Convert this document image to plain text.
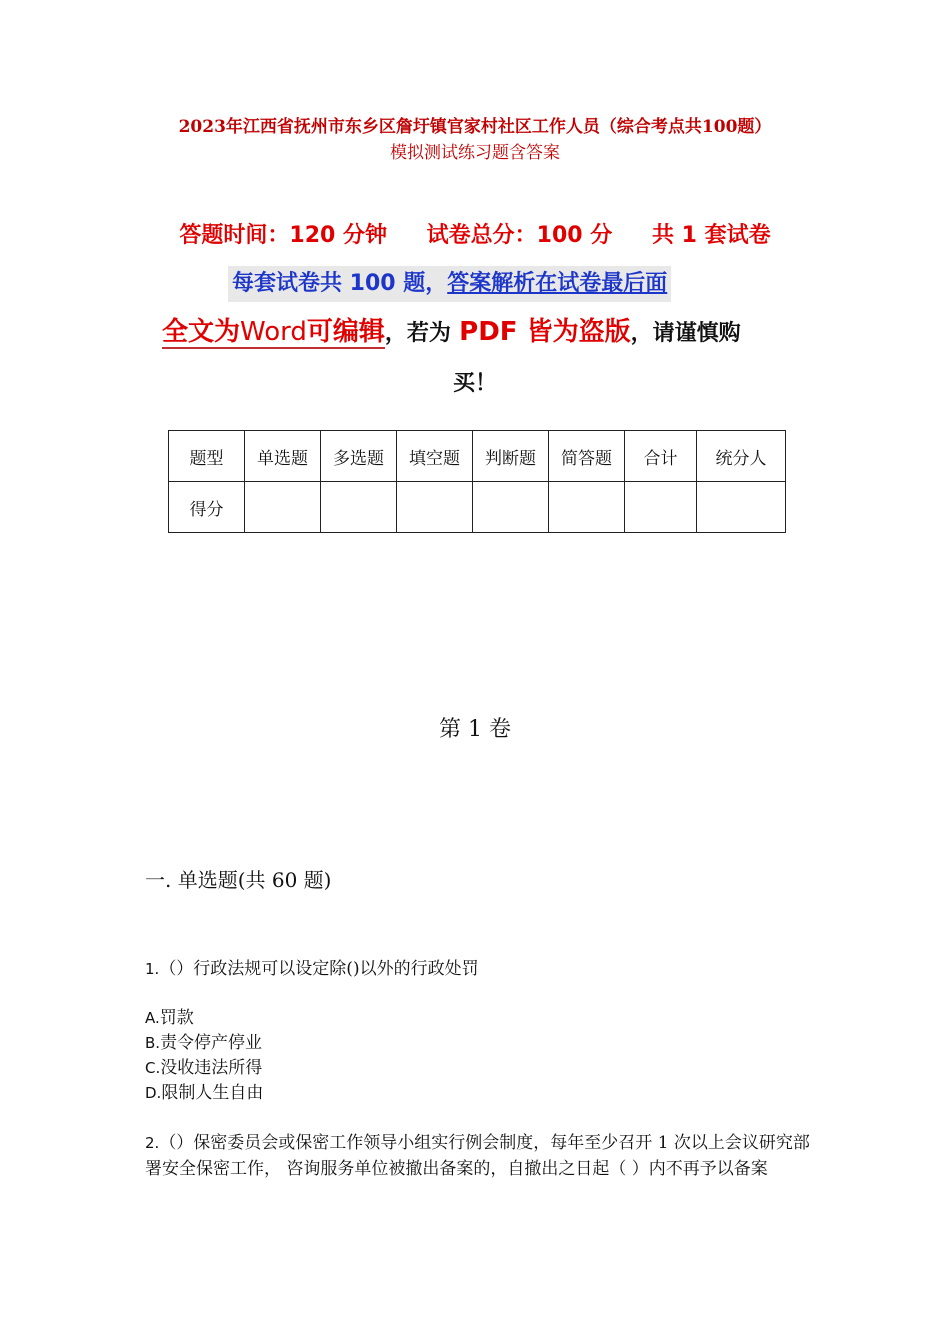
2023年江西省抚州市东乡区詹圩镇官家村社区工作人员（综合考点共100题）
模拟测试练习题含答案
答题时间：120 分钟 试卷总分：100 分 共 1 套试卷
每套试卷共 100 题，答案解析在试卷最后面
全文为Word可编辑，若为 PDF 皆为盗版，请谨慎购
买！
题型	单选题	多选题	填空题	判断题	简答题	合计	统分人
得分							
第 1 卷
一. 单选题(共 60 题)
1.（）行政法规可以设定除()以外的行政处罚
A.罚款
B.责令停产停业
C.没收违法所得
D.限制人生自由
2.（）保密委员会或保密工作领导小组实行例会制度，每年至少召开 1 次以上会议研究部署安全保密工作， 咨询服务单位被撤出备案的，自撤出之日起（ ）内不再予以备案
